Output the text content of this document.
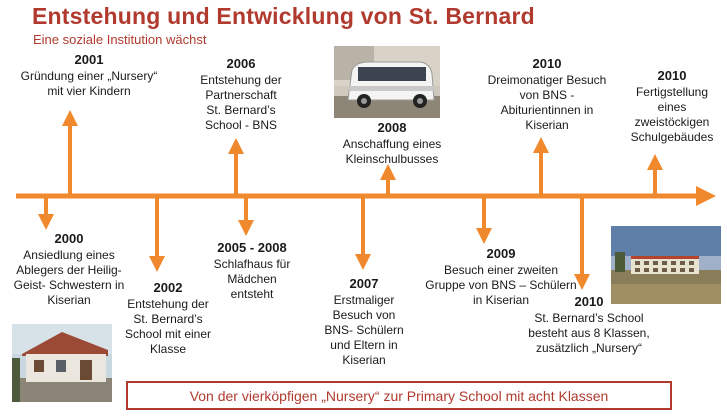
Entstehung und Entwicklung von St. Bernard
Eine soziale Institution wächst
2001
Gründung einer „Nursery“
mit vier Kindern
2006
Entstehung der
Partnerschaft
St. Bernard’s
School - BNS	2008
Anschaffung eines
Kleinschulbusses
2010
Dreimonatiger Besuch
von BNS -
Abiturientinnen in
Kiserian
2010
Fertigstellung
eines
zweistöckigen
Schulgebäudes
2000
Ansiedlung eines
Ablegers der Heilig-
Geist- Schwestern in
Kiserian
2002
Entstehung der
St. Bernard’s
School mit einer
Klasse
2005 - 2008
Schlafhaus für
Mädchen
entsteht
2007
Erstmaliger
Besuch von
BNS- Schülern
und Eltern in
Kiserian
2009
Besuch einer zweiten
Gruppe von BNS – Schülern
in Kiserian	2010
St. Bernard’s School
besteht aus 8 Klassen,
zusätzlich „Nursery“
Von der vierköpfigen „Nursery“ zur Primary School mit acht Klassen
